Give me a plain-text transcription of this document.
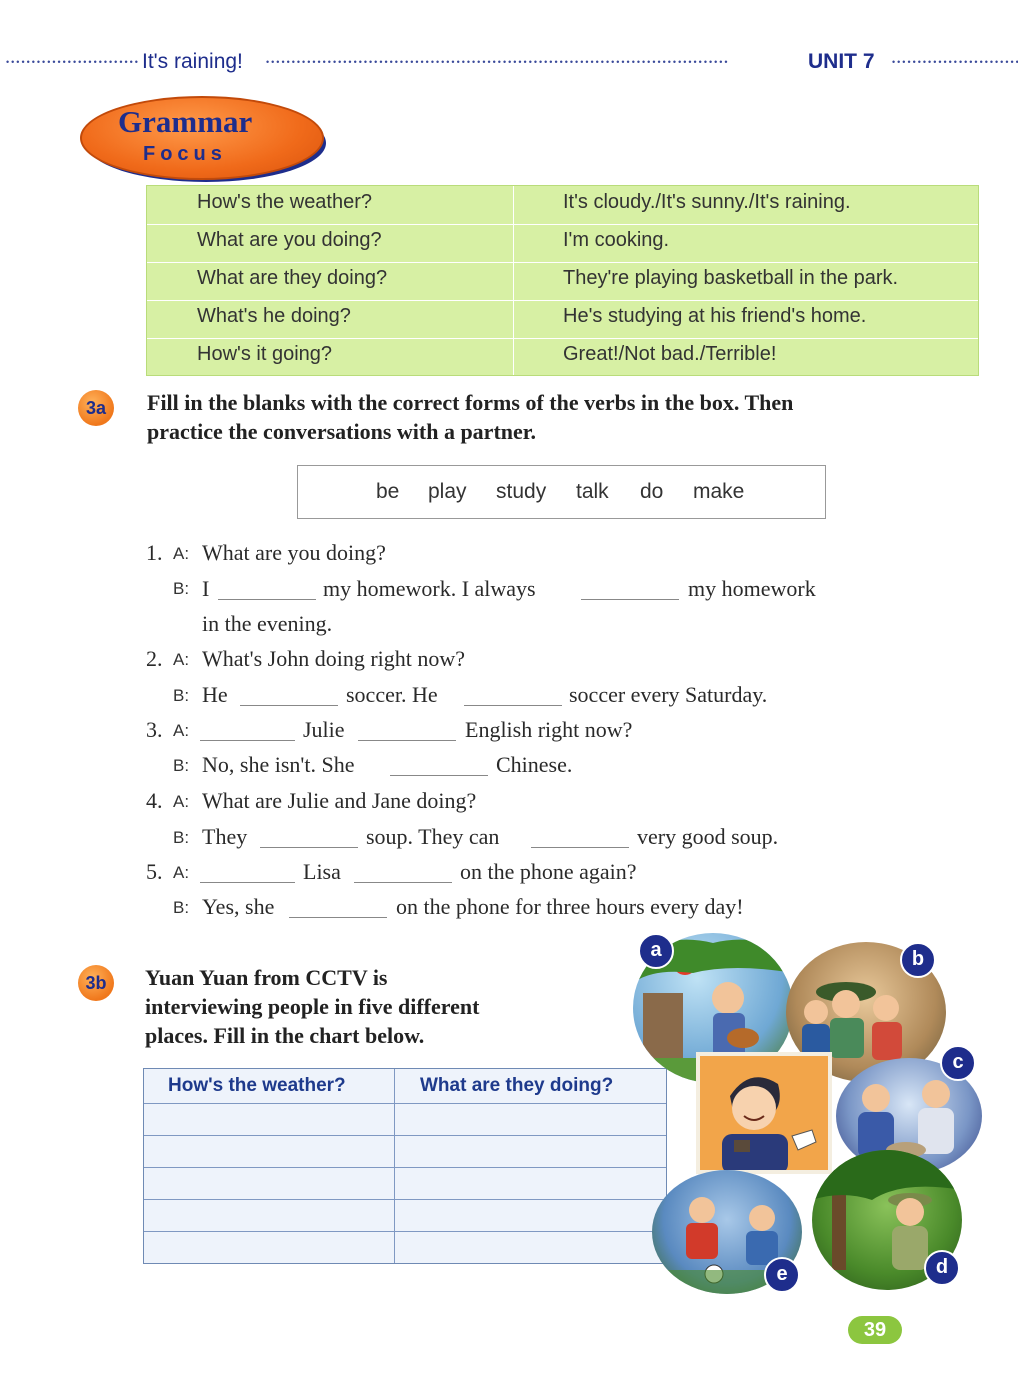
•••••
It's raining!
•••••	UNIT 7
•••••
Grammar
Focus
How's the weather?	It's cloudy./It's sunny./It's raining.
What are you doing?	I'm cooking.
What are they doing?	They're playing basketball in the park.
What's he doing?	He's studying at his friend's home.
How's it going?	Great!/Not bad./Terrible!
3a	Fill in the blanks with the correct forms of the verbs in the box. Then
practice the conversations with a partner.
be play study talk do make
1. A: What are you doing?
B: I	my homework. I always	my homework
in the evening.
2. A: What's John doing right now?
B: He	soccer. He	soccer every Saturday.
3. A:	Julie	English right now?
B: No, she isn't. She	Chinese.
4. A: What are Julie and Jane doing?
B: They	soup. They can	very good soup.
5. A:	Lisa	on the phone again?
B: Yes, she	on the phone for three hours every day!
3b	Yuan Yuan from CCTV is
interviewing people in five different
places. Fill in the chart below.
How's the weather?	What are they doing?
a	b
c
d
e
39
